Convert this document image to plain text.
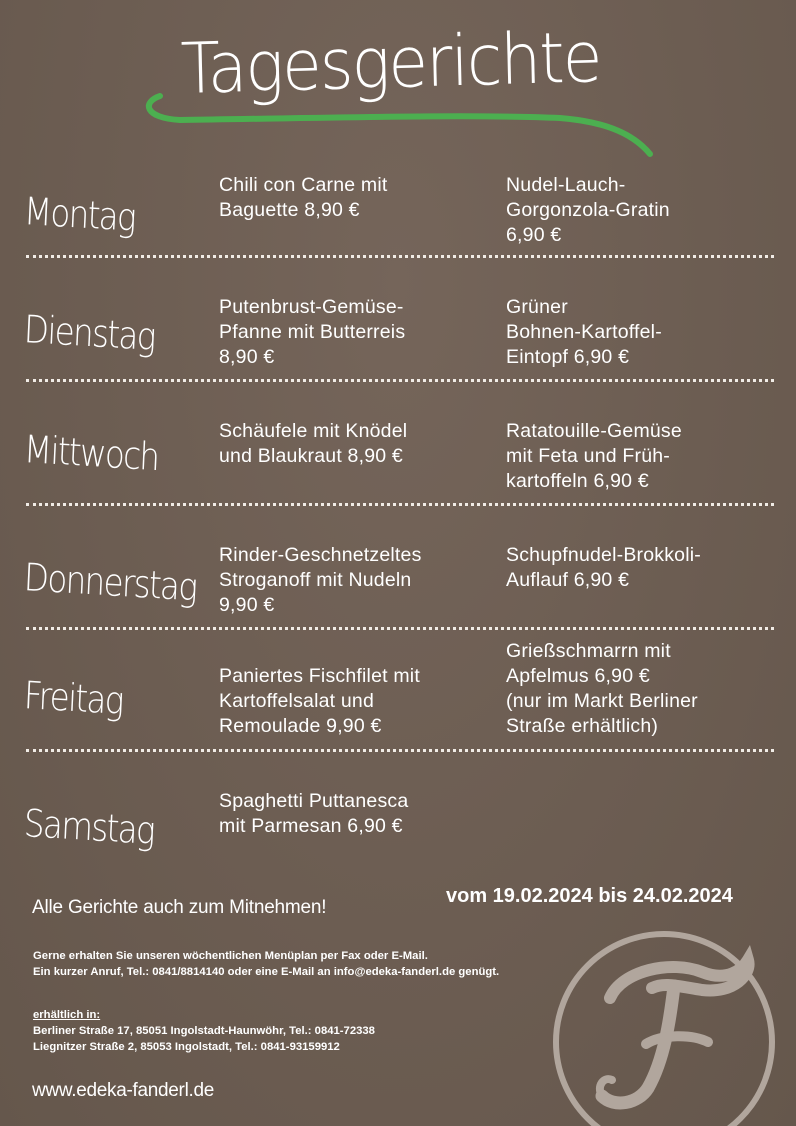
Tagesgerichte
Montag
Chili con Carne mit
Baguette 8,90 €
Nudel-Lauch-
Gorgonzola-Gratin
6,90 €
Dienstag
Putenbrust-Gemüse-
Pfanne mit Butterreis
8,90 €
Grüner
Bohnen-Kartoffel-
Eintopf 6,90 €
Mittwoch	Schäufele mit Knödel
und Blaukraut 8,90 €
Ratatouille-Gemüse
mit Feta und Früh-
kartoffeln 6,90 €
Donnerstag
Rinder-Geschnetzeltes
Stroganoff mit Nudeln
9,90 €
Schupfnudel-Brokkoli-
Auflauf 6,90 €
Freitag	Paniertes Fischfilet mit
Kartoffelsalat und
Remoulade 9,90 €
Grießschmarrn mit
Apfelmus 6,90 €
(nur im Markt Berliner
Straße erhältlich)
Samstag
Spaghetti Puttanesca
mit Parmesan 6,90 €
Alle Gerichte auch zum Mitnehmen!
vom 19.02.2024 bis 24.02.2024
Gerne erhalten Sie unseren wöchentlichen Menüplan per Fax oder E-Mail.
Ein kurzer Anruf, Tel.: 0841/8814140 oder eine E-Mail an info@edeka-fanderl.de genügt.
erhältlich in:
Berliner Straße 17, 85051 Ingolstadt-Haunwöhr, Tel.: 0841-72338
Liegnitzer Straße 2, 85053 Ingolstadt, Tel.: 0841-93159912
www.edeka-fanderl.de
